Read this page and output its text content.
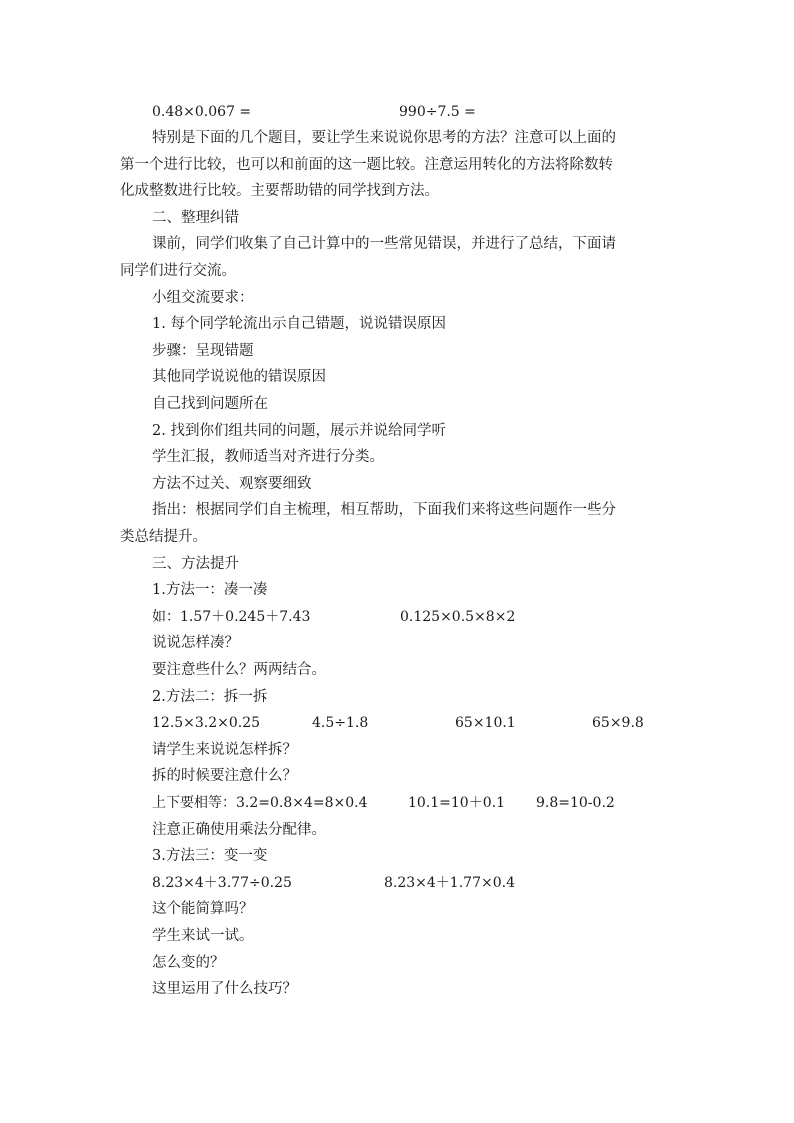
0.48×0.067 =	990÷7.5 =
特别是下面的几个题目，要让学生来说说你思考的方法？注意可以上面的
第一个进行比较，也可以和前面的这一题比较。注意运用转化的方法将除数转
化成整数进行比较。主要帮助错的同学找到方法。
二、整理纠错
课前，同学们收集了自己计算中的一些常见错误，并进行了总结，下面请
同学们进行交流。
小组交流要求：
1. 每个同学轮流出示自己错题，说说错误原因
步骤：呈现错题
其他同学说说他的错误原因
自己找到问题所在
2. 找到你们组共同的问题，展示并说给同学听
学生汇报，教师适当对齐进行分类。
方法不过关、观察要细致
指出：根据同学们自主梳理，相互帮助，下面我们来将这些问题作一些分
类总结提升。
三、方法提升
1.方法一：凑一凑
如：1.57＋0.245＋7.43	0.125×0.5×8×2
说说怎样凑？
要注意些什么？两两结合。
2.方法二：拆一拆
12.5×3.2×0.25	4.5÷1.8	65×10.1	65×9.8
请学生来说说怎样拆？
拆的时候要注意什么？
上下要相等：3.2=0.8×4=8×0.4	10.1=10＋0.1 9.8=10-0.2
注意正确使用乘法分配律。
3.方法三：变一变
8.23×4＋3.77÷0.25	8.23×4＋1.77×0.4
这个能简算吗？
学生来试一试。
怎么变的？
这里运用了什么技巧？
